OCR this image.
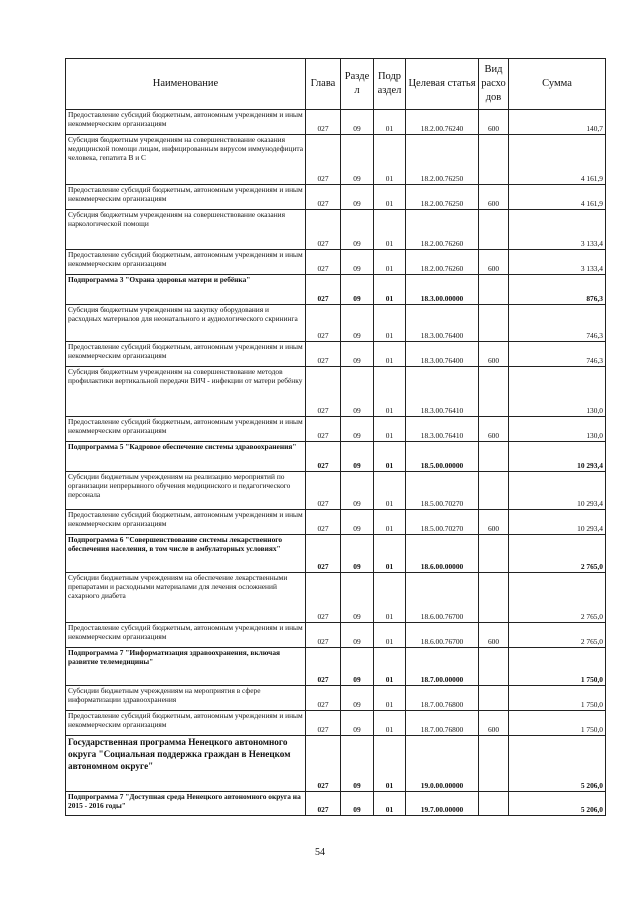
Наименование	Глава	Разде л	Подр аздел	Целевая статья	Вид расхо дов	Сумма
Предоставление субсидий бюджетным, автономным учреждениям и иным некоммерческим организациям	027	09	01	18.2.00.76240	600	140,7
Субсидия бюджетным учреждениям на совершенствование оказания медицинской помощи лицам, инфицированным вирусом иммунодефицита человека, гепатита В и С	027	09	01	18.2.00.76250		4 161,9
Предоставление субсидий бюджетным, автономным учреждениям и иным некоммерческим организациям	027	09	01	18.2.00.76250	600	4 161,9
Субсидия бюджетным учреждениям на совершенствование оказания наркологической помощи	027	09	01	18.2.00.76260		3 133,4
Предоставление субсидий бюджетным, автономным учреждениям и иным некоммерческим организациям	027	09	01	18.2.00.76260	600	3 133,4
Подпрограмма 3 "Охрана здоровья матери и ребёнка"	027	09	01	18.3.00.00000		876,3
Субсидия бюджетным учреждениям на закупку оборудования и расходных материалов для неонатального и аудиологического скрининга	027	09	01	18.3.00.76400		746,3
Предоставление субсидий бюджетным, автономным учреждениям и иным некоммерческим организациям	027	09	01	18.3.00.76400	600	746,3
Субсидия бюджетным учреждениям на совершенствование методов профилактики вертикальной передачи ВИЧ - инфекции от матери ребёнку	027	09	01	18.3.00.76410		130,0
Предоставление субсидий бюджетным, автономным учреждениям и иным некоммерческим организациям	027	09	01	18.3.00.76410	600	130,0
Подпрограмма 5 "Кадровое обеспечение системы здравоохранения"	027	09	01	18.5.00.00000		10 293,4
Субсидии бюджетным учреждениям на реализацию мероприятий по организации непрерывного обучения медицинского и педагогического персонала	027	09	01	18.5.00.70270		10 293,4
Предоставление субсидий бюджетным, автономным учреждениям и иным некоммерческим организациям	027	09	01	18.5.00.70270	600	10 293,4
Подпрограмма 6 "Совершенствование системы лекарственного обеспечения населения, в том числе в амбулаторных условиях"	027	09	01	18.6.00.00000		2 765,0
Субсидии бюджетным учреждениям на обеспечение лекарственными препаратами и расходными материалами для лечения осложнений сахарного диабета	027	09	01	18.6.00.76700		2 765,0
Предоставление субсидий бюджетным, автономным учреждениям и иным некоммерческим организациям	027	09	01	18.6.00.76700	600	2 765,0
Подпрограмма 7 "Информатизация здравоохранения, включая развитие телемедицины"	027	09	01	18.7.00.00000		1 750,0
Субсидии бюджетным учреждениям на мероприятия в сфере информатизации здравоохранения	027	09	01	18.7.00.76800		1 750,0
Предоставление субсидий бюджетным, автономным учреждениям и иным некоммерческим организациям	027	09	01	18.7.00.76800	600	1 750,0
Государственная программа Ненецкого автономного округа "Социальная поддержка граждан в Ненецком автономном округе"	027	09	01	19.0.00.00000		5 206,0
Подпрограмма 7 "Доступная среда Ненецкого автономного округа на 2015 - 2016 годы"	027	09	01	19.7.00.00000		5 206,0
54
